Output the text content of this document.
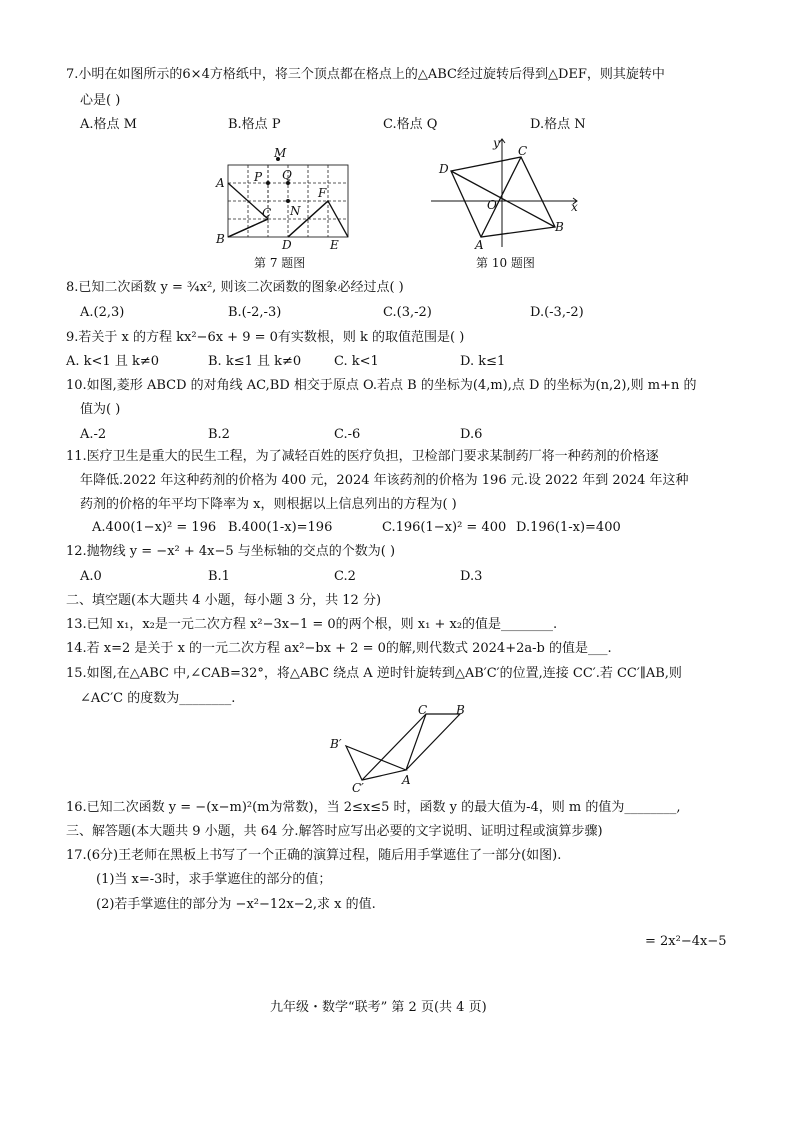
7.小明在如图所示的6×4方格纸中，将三个顶点都在格点上的△ABC经过旋转后得到△DEF，则其旋转中
心是( )
A.格点 M	B.格点 P	C.格点 Q	D.格点 N
A
B
C
D	E
F
M
P Q
N
第 7 题图
y
x
O
A
B
C
D
第 10 题图
8.已知二次函数 y = ¾x², 则该二次函数的图象必经过点( )
A.(2,3)	B.(-2,-3)	C.(3,-2)	D.(-3,-2)
9.若关于 x 的方程 kx²−6x + 9 = 0有实数根，则 k 的取值范围是( )
A. k<1 且 k≠0	B. k≤1 且 k≠0	C. k<1	D. k≤1
10.如图,菱形 ABCD 的对角线 AC,BD 相交于原点 O.若点 B 的坐标为(4,m),点 D 的坐标为(n,2),则 m+n 的
值为( )
A.-2	B.2	C.-6	D.6
11.医疗卫生是重大的民生工程，为了减轻百姓的医疗负担，卫检部门要求某制药厂将一种药剂的价格逐
年降低.2022 年这种药剂的价格为 400 元，2024 年该药剂的价格为 196 元.设 2022 年到 2024 年这种
药剂的价格的年平均下降率为 x，则根据以上信息列出的方程为( )
A.400(1−x)² = 196 B.400(1-x)=196	C.196(1−x)² = 400 D.196(1-x)=400
12.抛物线 y = −x² + 4x−5 与坐标轴的交点的个数为( )
A.0	B.1	C.2	D.3
二、填空题(本大题共 4 小题，每小题 3 分，共 12 分)
13.已知 x₁，x₂是一元二次方程 x²−3x−1 = 0的两个根，则 x₁ + x₂的值是________.
14.若 x=2 是关于 x 的一元二次方程 ax²−bx + 2 = 0的解,则代数式 2024+2a-b 的值是___.
15.如图,在△ABC 中,∠CAB=32°，将△ABC 绕点 A 逆时针旋转到△AB′C′的位置,连接 CC′.若 CC′∥AB,则
∠AC′C 的度数为________.
A
B
C
B′
C′
16.已知二次函数 y = −(x−m)²(m为常数)，当 2≤x≤5 时，函数 y 的最大值为-4，则 m 的值为________,
三、解答题(本大题共 9 小题，共 64 分.解答时应写出必要的文字说明、证明过程或演算步骤)
17.(6分)王老师在黑板上书写了一个正确的演算过程，随后用手掌遮住了一部分(如图).
(1)当 x=-3时，求手掌遮住的部分的值；
(2)若手掌遮住的部分为 −x²−12x−2,求 x 的值.
= 2x²−4x−5
九年级・数学“联考” 第 2 页(共 4 页)
